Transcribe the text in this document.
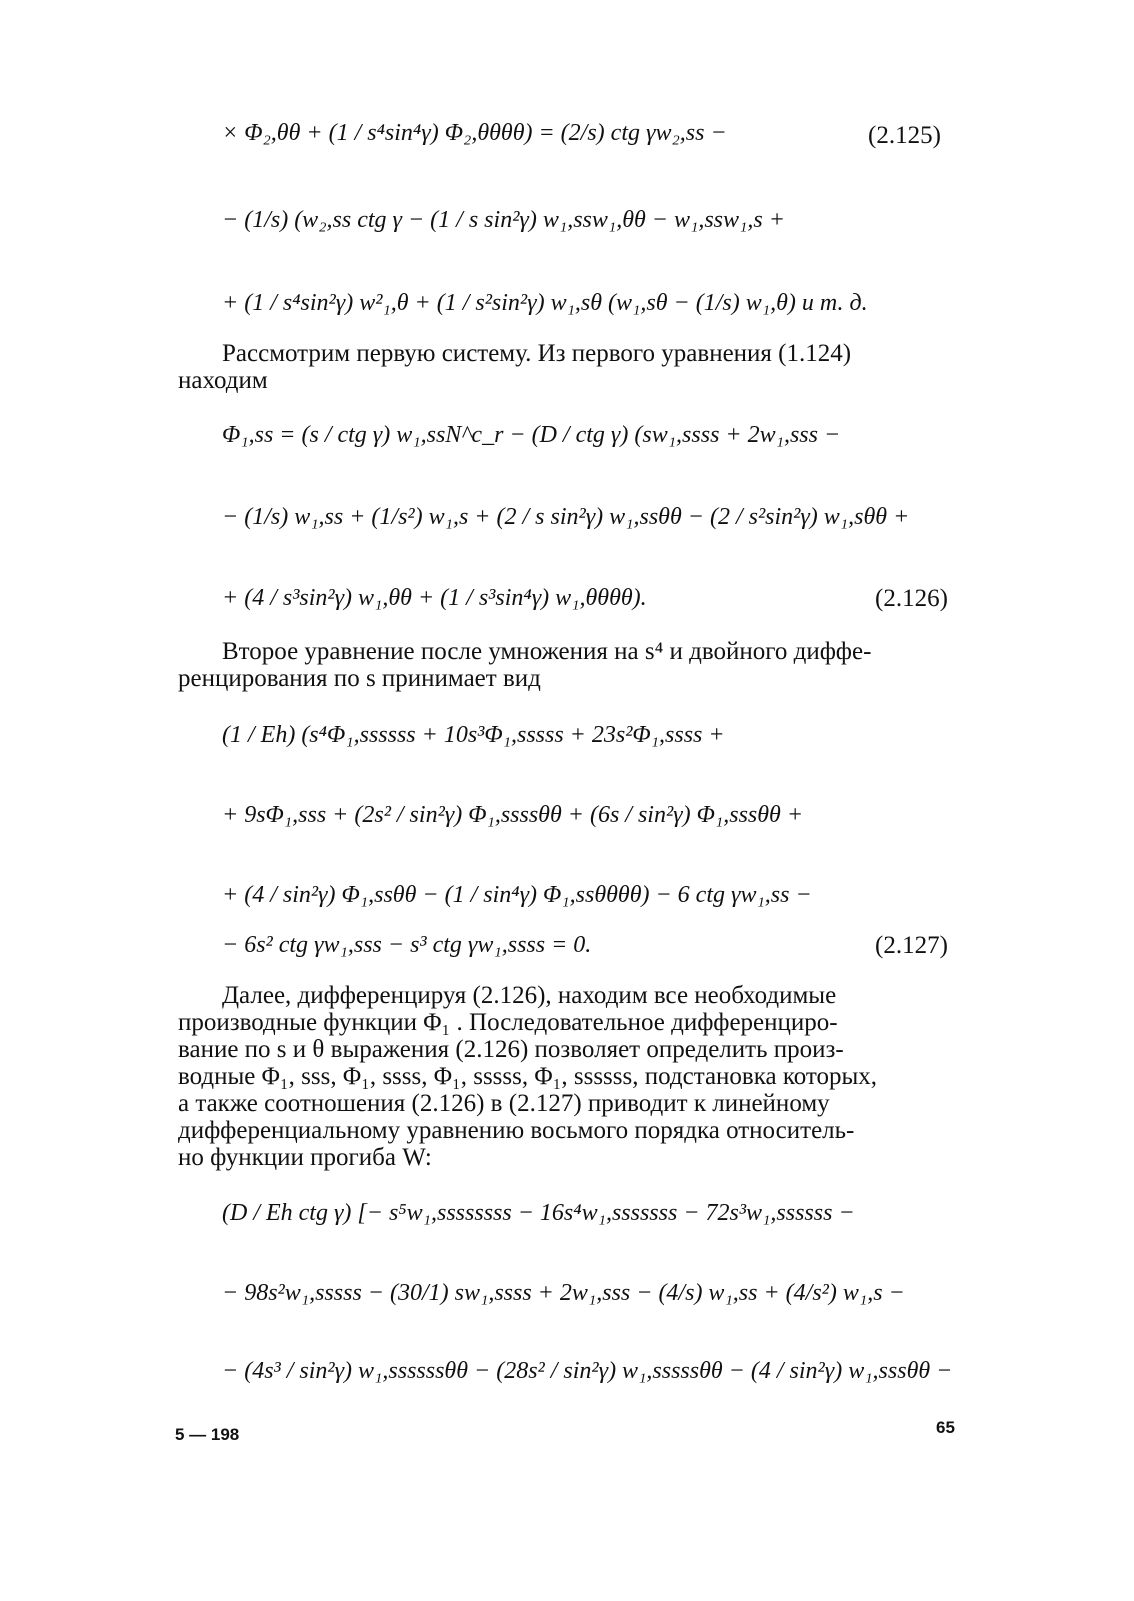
× Φ₂,θθ + (1 / s⁴sin⁴γ) Φ₂,θθθθ) = (2/s) ctg γw₂,ss −	(2.125)
− (1/s) (w₂,ss ctg γ − (1 / s sin²γ) w₁,ssw₁,θθ − w₁,ssw₁,s +
+ (1 / s⁴sin²γ) w²₁,θ + (1 / s²sin²γ) w₁,sθ (w₁,sθ − (1/s) w₁,θ) и т. д.
Рассмотрим первую систему. Из первого уравнения (1.124)
находим
Φ₁,ss = (s / ctg γ) w₁,ssN^c_r − (D / ctg γ) (sw₁,ssss + 2w₁,sss −
− (1/s) w₁,ss + (1/s²) w₁,s + (2 / s sin²γ) w₁,ssθθ − (2 / s²sin²γ) w₁,sθθ +
+ (4 / s³sin²γ) w₁,θθ + (1 / s³sin⁴γ) w₁,θθθθ).	(2.126)
Второе уравнение после умножения на s⁴ и двойного диффе-
ренцирования по s принимает вид
(1 / Eh) (s⁴Φ₁,ssssss + 10s³Φ₁,sssss + 23s²Φ₁,ssss +
+ 9sΦ₁,sss + (2s² / sin²γ) Φ₁,ssssθθ + (6s / sin²γ) Φ₁,sssθθ +
+ (4 / sin²γ) Φ₁,ssθθ − (1 / sin⁴γ) Φ₁,ssθθθθ) − 6 ctg γw₁,ss −
− 6s² ctg γw₁,sss − s³ ctg γw₁,ssss = 0.	(2.127)
Далее, дифференцируя (2.126), находим все необходимые
производные функции Φ₁ . Последовательное дифференциро-
вание по s и θ выражения (2.126) позволяет определить произ-
водные Φ₁, sss, Φ₁, ssss, Φ₁, sssss, Φ₁, ssssss, подстановка которых,
а также соотношения (2.126) в (2.127) приводит к линейному
дифференциальному уравнению восьмого порядка относитель-
но функции прогиба W:
(D / Eh ctg γ) [− s⁵w₁,ssssssss − 16s⁴w₁,sssssss − 72s³w₁,ssssss −
− 98s²w₁,sssss − (30/1) sw₁,ssss + 2w₁,sss − (4/s) w₁,ss + (4/s²) w₁,s −
− (4s³ / sin²γ) w₁,ssssssθθ − (28s² / sin²γ) w₁,sssssθθ − (4 / sin²γ) w₁,sssθθ −
5 — 198	65
